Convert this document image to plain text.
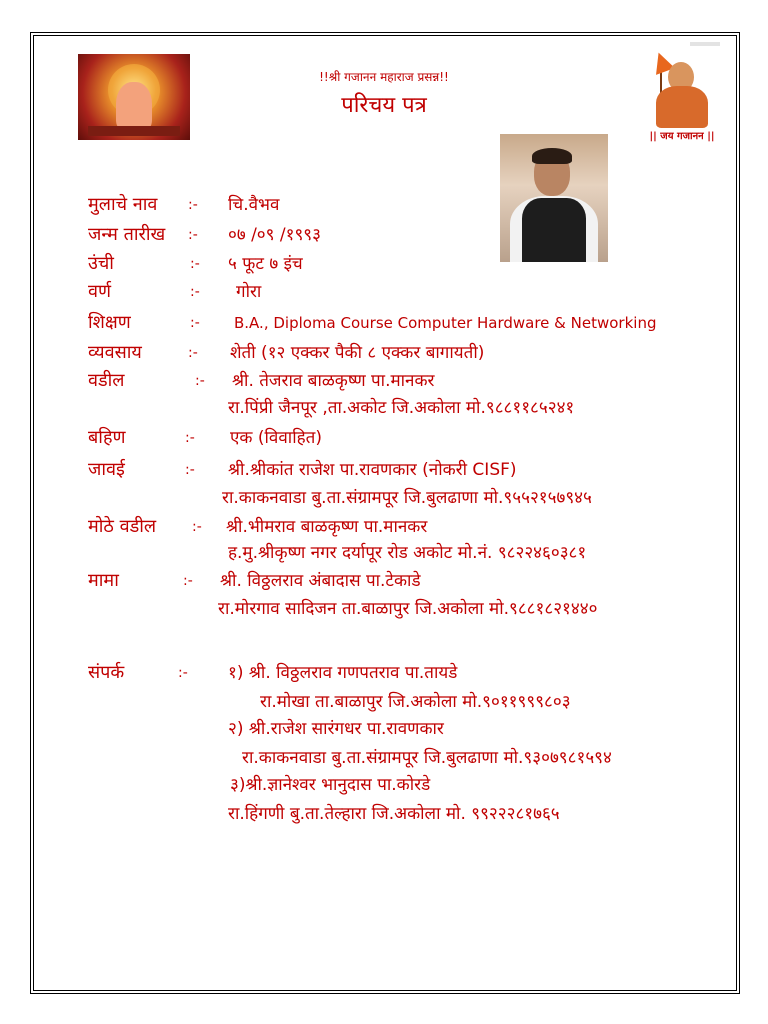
|| जय गजानन ||
!!श्री गजानन महाराज प्रसन्न!!
परिचय पत्र
मुलाचे नाव :- चि.वैभव
जन्म तारीख :- ०७ /०९ /१९९३
उंची	:- ५ फूट ७ इंच
वर्ण	:- गोरा
शिक्षण	:- B.A., Diploma Course Computer Hardware & Networking
व्यवसाय	:- शेती (१२ एक्कर पैकी ८ एक्कर बागायती)
वडील	:- श्री. तेजराव बाळकृष्ण पा.मानकर
रा.पिंप्री जैनपूर ,ता.अकोट जि.अकोला मो.९८८११८५२४१
बहिण	:- एक (विवाहित)
जावई	:- श्री.श्रीकांत राजेश पा.रावणकार (नोकरी CISF)
रा.काकनवाडा बु.ता.संग्रामपूर जि.बुलढाणा मो.९५५२१५७९४५
मोठे वडील	:- श्री.भीमराव बाळकृष्ण पा.मानकर
ह.मु.श्रीकृष्ण नगर दर्यापूर रोड अकोट मो.नं. ९८२२४६०३८१
मामा	:- श्री. विठ्ठलराव अंबादास पा.टेकाडे
रा.मोरगाव सादिजन ता.बाळापुर जि.अकोला मो.९८८१८२१४४०
संपर्क	:- १) श्री. विठ्ठलराव गणपतराव पा.तायडे
रा.मोखा ता.बाळापुर जि.अकोला मो.९०११९९९८०३
२) श्री.राजेश सारंगधर पा.रावणकार
रा.काकनवाडा बु.ता.संग्रामपूर जि.बुलढाणा मो.९३०७९८१५९४
३)श्री.ज्ञानेश्वर भानुदास पा.कोरडे
रा.हिंगणी बु.ता.तेल्हारा जि.अकोला मो. ९९२२२८१७६५
